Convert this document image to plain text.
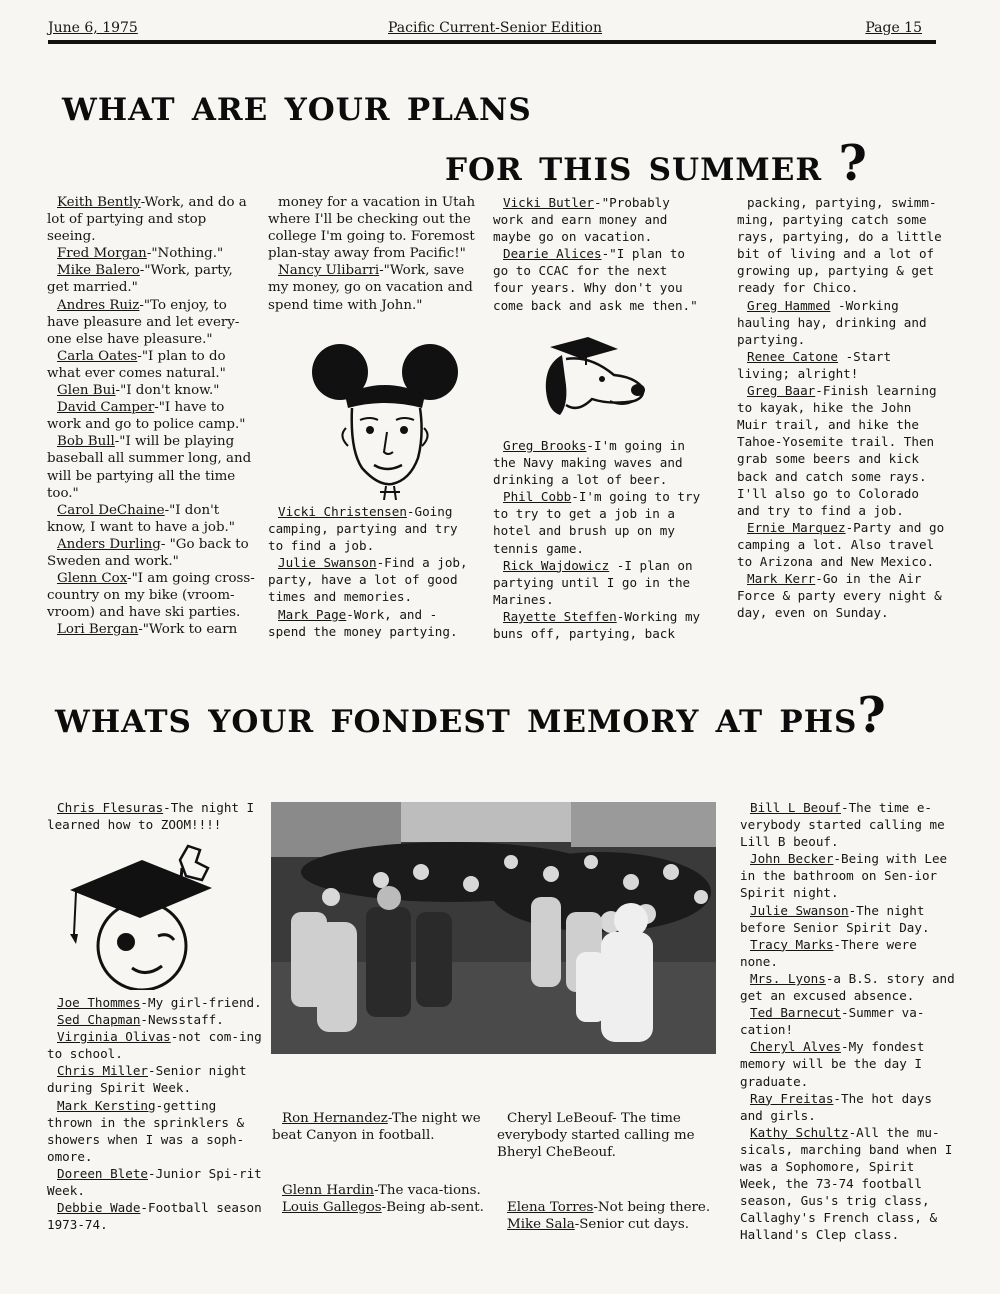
June 6, 1975	Pacific Current-Senior Edition	Page 15
what are your plans
for this summer ?

Keith Bently-Work, and do a lot of partying and stop seeing.

Fred Morgan-"Nothing."

Mike Balero-"Work, party, get married."

Andres Ruiz-"To enjoy, to have pleasure and let every-one else have pleasure."

Carla Oates-"I plan to do what ever comes natural."

Glen Bui-"I don't know."

David Camper-"I have to work and go to police camp."

Bob Bull-"I will be playing baseball all summer long, and will be partying all the time too."

Carol DeChaine-"I don't know, I want to have a job."

Anders Durling- "Go back to Sweden and work."

Glenn Cox-"I am going cross-country on my bike (vroom-vroom) and have ski parties.

Lori Bergan-"Work to earn

money for a vacation in Utah where I'll be checking out the college I'm going to. Foremost plan-stay away from Pacific!"

Nancy Ulibarri-"Work, save my money, go on vacation and spend time with John."

Vicki Christensen-Going camping, partying and try to find a job.

Julie Swanson-Find a job, party, have a lot of good times and memories.

Mark Page-Work, and - spend the money partying.

Vicki Butler-"Probably work and earn money and maybe go on vacation.

Dearie Alices-"I plan to go to CCAC for the next four years. Why don't you come back and ask me then."

Greg Brooks-I'm going in the Navy making waves and drinking a lot of beer.

Phil Cobb-I'm going to try to try to get a job in a hotel and brush up on my tennis game.

Rick Wajdowicz -I plan on partying until I go in the Marines.

Rayette Steffen-Working my buns off, partying, back

packing, partying, swimm-ming, partying catch some rays, partying, do a little bit of living and a lot of growing up, partying & get ready for Chico.

Greg Hammed -Working hauling hay, drinking and partying.

Renee Catone -Start living; alright!

Greg Baar-Finish learning to kayak, hike the John Muir trail, and hike the Tahoe-Yosemite trail. Then grab some beers and kick back and catch some rays. I'll also go to Colorado and try to find a job.

Ernie Marquez-Party and go camping a lot. Also travel to Arizona and New Mexico.

Mark Kerr-Go in the Air Force & party every night & day, even on Sunday.

whats your fondest memory at phs?

Chris Flesuras-The night I learned how to ZOOM!!!!

Joe Thommes-My girl-friend.

Sed Chapman-Newsstaff.

Virginia Olivas-not com-ing to school.

Chris Miller-Senior night during Spirit Week.

Mark Kersting-getting thrown in the sprinklers & showers when I was a soph-omore.

Doreen Blete-Junior Spi-rit Week.

Debbie Wade-Football season 1973-74.

Ron Hernandez-The night we beat Canyon in football.

Glenn Hardin-The vaca-tions.

Louis Gallegos-Being ab-sent.

Cheryl LeBeouf- The time everybody started calling me Bheryl CheBeouf.

Elena Torres-Not being there.

Mike Sala-Senior cut days.

Bill L Beouf-The time e-verybody started calling me Lill B beouf.

John Becker-Being with Lee in the bathroom on Sen-ior Spirit night.

Julie Swanson-The night before Senior Spirit Day.

Tracy Marks-There were none.

Mrs. Lyons-a B.S. story and get an excused absence.

Ted Barnecut-Summer va-cation!

Cheryl Alves-My fondest memory will be the day I graduate.

Ray Freitas-The hot days and girls.

Kathy Schultz-All the mu-sicals, marching band when I was a Sophomore, Spirit Week, the 73-74 football season, Gus's trig class, Callaghy's French class, & Halland's Clep class.
